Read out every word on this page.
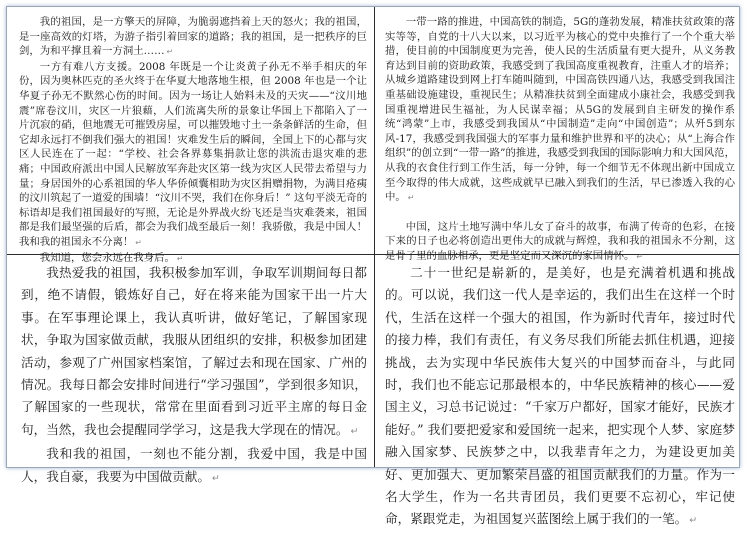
我的祖国，是一方擎天的屏障，为脆弱遮挡着上天的怒火；我的祖国，是一座高效的灯塔，为游子指引着回家的道路；我的祖国，是一把秩序的巨剑，为和平撑且着一方洞土…… ↵

一方有难八方支援。2008 年既是一个让炎黄子孙无不举手相庆的年份，因为奥林匹克的圣火终于在华夏大地落地生根，但 2008 年也是一个让华夏子孙无不默然心伤的时间。因为一场让人始料未及的天灾——“汶川地震”席卷汶川，灾区一片狼藉，人们流离失所的景象让华国上下都陷入了一片沉寂的硝，但地震无可摧毁房屋，可以摧毁地寸土一条条鲜活的生命，但它却永远打不倒我们强大的祖国！灾难发生后的瞬间，全国上下的心都与灾区人民连在了一起：“学校、社会各界募集捐款让您的洪流击退灾难的悲痛；中国政府派出中国人民解放军奔赴灾区第一线为灾区人民带去希望与力量；身居国外的心系祖国的华人华侨倾囊相助为灾区捐赠捐物，为满目疮痍的汶川筑起了一道爱的围墙！“汶川不哭，我们在你身后！” 这句平淡无奇的标语却是我们祖国最好的写照，无论是外界战火纷飞还是当灾难袭来，祖国都是我们最坚强的后盾，都会为我们战至最后一刻！我骄傲，我是中国人！我和我的祖国永不分离！ ↵

我知道，您会永远在我身后。 ↵

一带一路的推进，中国高铁的制造，5G的蓬勃发展，精准扶贫政策的落实等等，自党的十八大以来，以习近平为核心的党中央推行了一个个重大举措，使目前的中国制度更为完善，使人民的生活质量有更大提升，从义务教育达到目前的资助政策，我感受到了我国高度重视教育，注重人才的培养；从城乡道路建设到网上打车随叫随到，中国高铁四通八达，我感受到我国注重基础设施建设，重视民生；从精准扶贫到全面建成小康社会，我感受到我国重视增进民生福祉，为人民谋幸福；从5G的发展到自主研发的操作系统“鸿蒙”上市，我感受到我国从“中国制造”走向“中国创造”；从歼5到东风-17，我感受到我国强大的军事力量和维护世界和平的决心；从“上海合作组织”的创立到“一带一路”的推进，我感受到我国的国际影响力和大国风范，从我的衣食住行到工作生活，每一分钟，每一个细节无不体现出新中国成立至今取得的伟大成就，这些成就早已融入到我们的生活，早已渗透入我的心中。 ↵

中国，这片土地写满中华儿女了奋斗的故事，布满了传奇的色彩，在接下来的日子也必将创造出更伟大的成就与辉煌，我和我的祖国永不分割，这是骨子里的血脉相承，更是坚定而又深沉的家国情怀。 ↵

我热爱我的祖国，我积极参加军训，争取军训期间每日都到，绝不请假，锻炼好自己，好在将来能为国家干出一片大事。在军事理论课上，我认真听讲，做好笔记，了解国家现状，争取为国家做贡献，我服从团组织的安排，积极参加团建活动，参观了广州国家档案馆，了解过去和现在国家、广州的情况。我每日都会安排时间进行“学习强国”，学到很多知识，了解国家的一些现状，常常在里面看到习近平主席的每日金句，当然，我也会提醒同学学习，这是我大学现在的情况。 ↵

我和我的祖国，一刻也不能分割，我爱中国，我是中国人，我自豪，我要为中国做贡献。 ↵

二十一世纪是崭新的，是美好，也是充满着机遇和挑战的。可以说，我们这一代人是幸运的，我们出生在这样一个时代，生活在这样一个强大的祖国，作为新时代青年，接过时代的接力棒，我们有责任，有义务尽我们所能去抓住机遇，迎接挑战，去为实现中华民族伟大复兴的中国梦而奋斗，与此同时，我们也不能忘记那最根本的，中华民族精神的核心——爱国主义，习总书记说过：“千家万户都好，国家才能好，民族才能好。” 我们要把爱家和爱国统一起来，把实现个人梦、家庭梦融入国家梦、民族梦之中，以我辈青年之力，为建设更加美好、更加强大、更加繁荣昌盛的祖国贡献我们的力量。作为一名大学生，作为一名共青团员，我们更要不忘初心，牢记使命，紧跟党走，为祖国复兴蓝图绘上属于我们的一笔。 ↵
